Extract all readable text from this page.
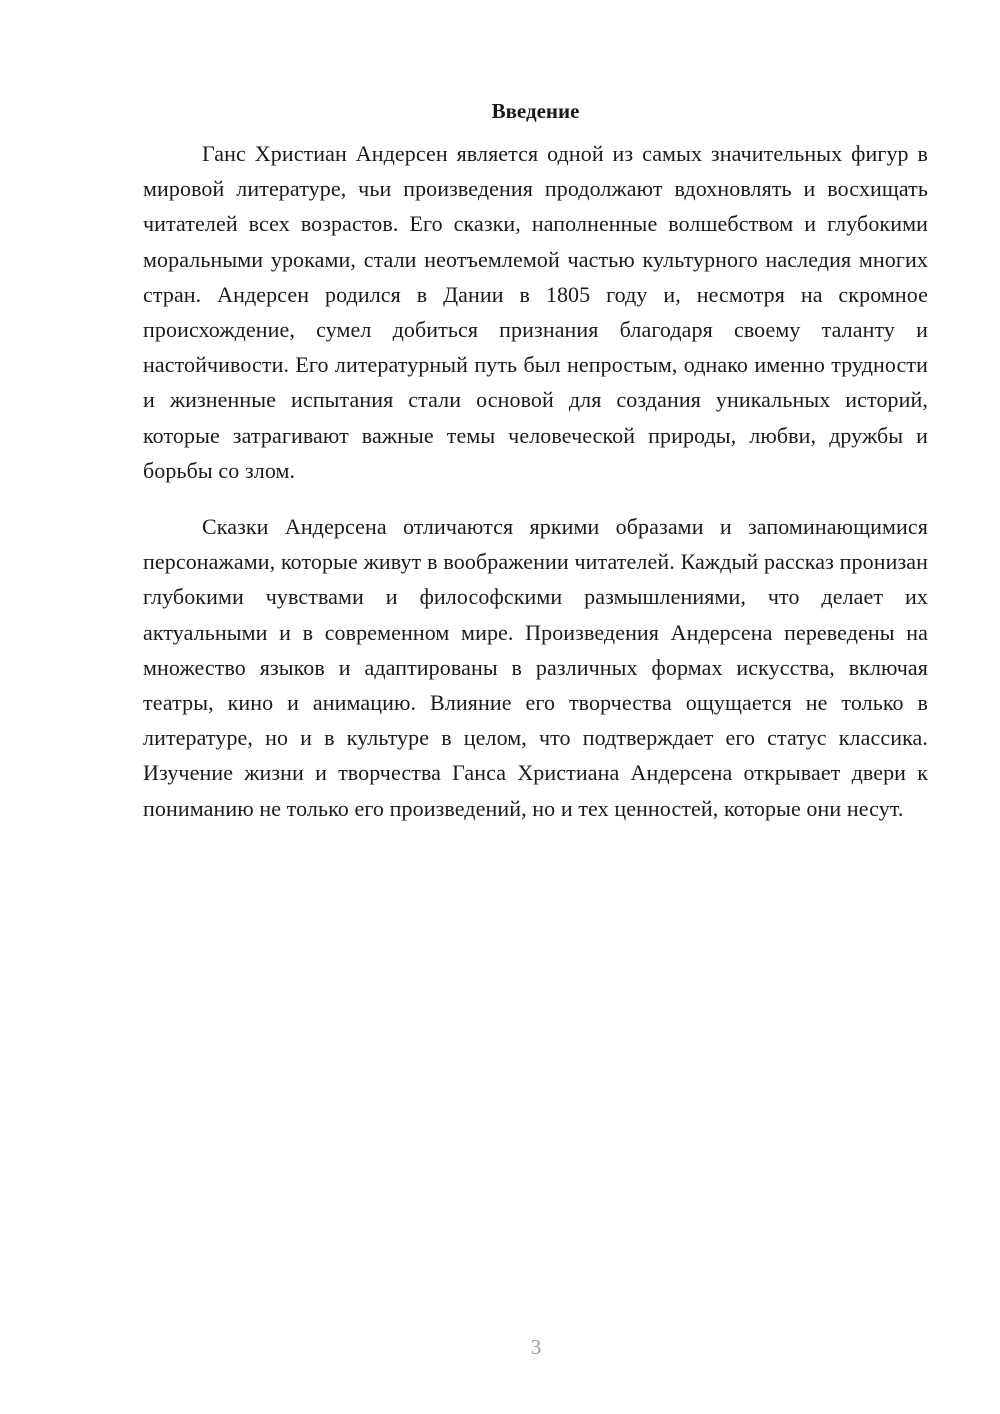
Введение

Ганс Христиан Андерсен является одной из самых значительных фигур в мировой литературе, чьи произведения продолжают вдохновлять и восхищать читателей всех возрастов. Его сказки, наполненные волшебством и глубокими моральными уроками, стали неотъемлемой частью культурного наследия многих стран. Андерсен родился в Дании в 1805 году и, несмотря на скромное происхождение, сумел добиться признания благодаря своему таланту и настойчивости. Его литературный путь был непростым, однако именно трудности и жизненные испытания стали основой для создания уникальных историй, которые затрагивают важные темы человеческой природы, любви, дружбы и борьбы со злом.

Сказки Андерсена отличаются яркими образами и запоминающимися персонажами, которые живут в воображении читателей. Каждый рассказ пронизан глубокими чувствами и философскими размышлениями, что делает их актуальными и в современном мире. Произведения Андерсена переведены на множество языков и адаптированы в различных формах искусства, включая театры, кино и анимацию. Влияние его творчества ощущается не только в литературе, но и в культуре в целом, что подтверждает его статус классика. Изучение жизни и творчества Ганса Христиана Андерсена открывает двери к пониманию не только его произведений, но и тех ценностей, которые они несут.

3
